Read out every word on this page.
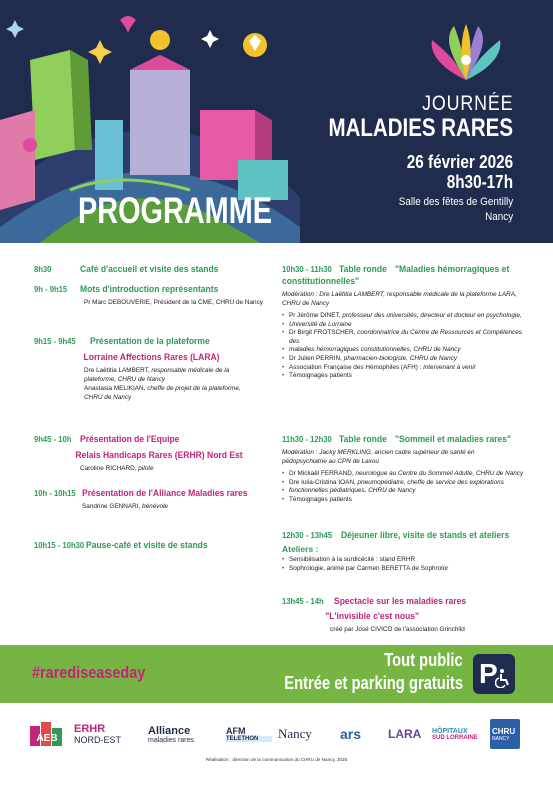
PROGRAMME
JOURNÉE
MALADIES RARES
26 février 2026
8h30-17h
Salle des fêtes de Gentilly
Nancy
8h30	Café d'accueil et visite des stands
9h - 9h15 Mots d'introduction représentants
Pr Marc DEBOUVERIE, Président de la CME, CHRU de Nancy
9h15 - 9h45	Présentation de la plateforme
Lorraine Affections Rares (LARA)
Dre Laëtitia LAMBERT, responsable médicale de la
plateforme, CHRU de Nancy
Anastasia MELIKIAN, cheffe de projet de la plateforme,
CHRU de Nancy
9h45 - 10h Présentation de l'Equipe
Relais Handicaps Rares (ERHR) Nord Est
Caroline RICHARD, pilote
10h - 10h15 Présentation de l'Alliance Maladies rares
Sandrine GENNARI, bénévole
10h15 - 10h30 Pause-café et visite de stands
10h30 - 11h30 Table ronde "Maladies hémorragiques et
constitutionnelles"
Modération : Dre Laëtitia LAMBERT, responsable médicale de la plateforme LARA,
CHRU de Nancy
• Pr Jérôme DINET, professeur des universités, directeur et docteur en psychologie,
• Université de Lorraine
• Dr Birgit FROTSCHER, coordonnatrice du Centre de Ressources et Compétences des
• maladies hémorragiques constitutionnelles, CHRU de Nancy
• Dr Julien PERRIN, pharmacien-biologiste, CHRU de Nancy
• Association Française des Hémophiles (AFH) : intervenant à venir
• Témoignages patients
11h30 - 12h30 Table ronde "Sommeil et maladies rares"
Modération : Jacky MERKLING, ancien cadre supérieur de santé en
pédopsychiatrie au CPN de Laxou
• Dr Mickaël FERRAND, neurologue au Centre du Sommeil Adulte, CHRU de Nancy
• Dre Iulia-Cristina IOAN, pneumopédiatre, cheffe de service des explorations
• fonctionnelles pédiatriques, CHRU de Nancy
• Témoignages patients
12h30 - 13h45 Déjeuner libre, visite de stands et ateliers
Ateliers :
• Sensibilisation à la surdicécité : stand ERHR
• Sophrologie, animé par Carmen BERETTA de Sophrolor
13h45 - 14h Spectacle sur les maladies rares
"L'invisible c'est nous"
créé par José CIVICO de l'association Grinchild
#rarediseaseday
Tout public
Entrée et parking gratuits P
AEB
ERHR
NORD-EST
Alliance
maladies rares
AFM
TELETHON	Nancy	ars	LARA	HÔPITAUX
SUD LORRAINE
CHRU
NANCY
Réalisation : direction de la communication du CHRU de Nancy, 2025
